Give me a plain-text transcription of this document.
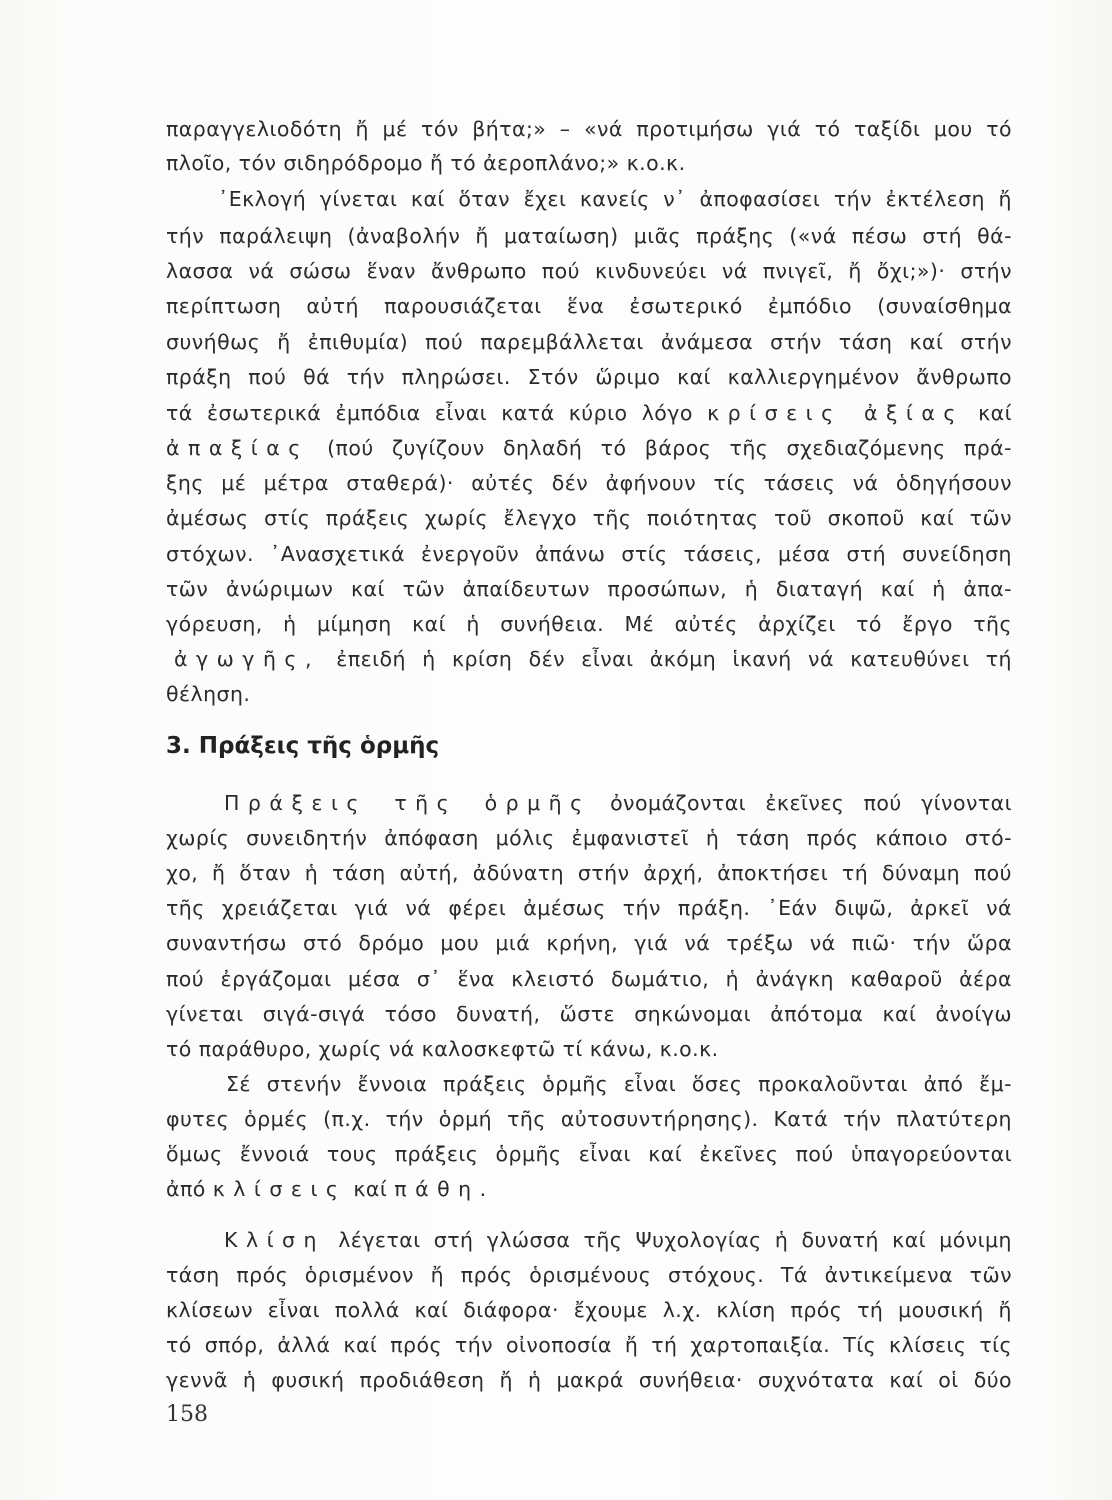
παραγγελιοδότη ἤ μέ τόν βήτα;» – «νά προτιμήσω γιά τό ταξίδι μου τό
πλοῖο, τόν σιδηρόδρομο ἤ τό ἀεροπλάνο;» κ.ο.κ.
᾿Εκλογή γίνεται καί ὅταν ἔχει κανείς ν᾿ ἀποφασίσει τήν ἐκτέλεση ἤ
τήν παράλειψη (ἀναβολήν ἤ ματαίωση) μιᾶς πράξης («νά πέσω στή θά-
λασσα νά σώσω ἕναν ἄνθρωπο πού κινδυνεύει νά πνιγεῖ, ἤ ὄχι;»)· στήν
περίπτωση αὐτή παρουσιάζεται ἕνα ἐσωτερικό ἐμπόδιο (συναίσθημα
συνήθως ἤ ἐπιθυμία) πού παρεμβάλλεται ἀνάμεσα στήν τάση καί στήν
πράξη πού θά τήν πληρώσει. Στόν ὥριμο καί καλλιεργημένον ἄνθρωπο
τά ἐσωτερικά ἐμπόδια εἶναι κατά κύριο λόγο κρίσεις ἀξίας καί
ἀπαξίας (πού ζυγίζουν δηλαδή τό βάρος τῆς σχεδιαζόμενης πρά-
ξης μέ μέτρα σταθερά)· αὐτές δέν ἀφήνουν τίς τάσεις νά ὁδηγήσουν
ἀμέσως στίς πράξεις χωρίς ἔλεγχο τῆς ποιότητας τοῦ σκοποῦ καί τῶν
στόχων. ᾿Ανασχετικά ἐνεργοῦν ἀπάνω στίς τάσεις, μέσα στή συνείδηση
τῶν ἀνώριμων καί τῶν ἀπαίδευτων προσώπων, ἡ διαταγή καί ἡ ἀπα-
γόρευση, ἡ μίμηση καί ἡ συνήθεια. Μέ αὐτές ἀρχίζει τό ἔργο τῆς
ἀγωγῆς, ἐπειδή ἡ κρίση δέν εἶναι ἀκόμη ἱκανή νά κατευθύνει τή
θέληση.
3. Πράξεις τῆς ὁρμῆς
Πράξεις τῆς ὁρμῆς ὀνομάζονται ἐκεῖνες πού γίνονται
χωρίς συνειδητήν ἀπόφαση μόλις ἐμφανιστεῖ ἡ τάση πρός κάποιο στό-
χο, ἤ ὅταν ἡ τάση αὐτή, ἀδύνατη στήν ἀρχή, ἀποκτήσει τή δύναμη πού
τῆς χρειάζεται γιά νά φέρει ἀμέσως τήν πράξη. ᾿Εάν διψῶ, ἀρκεῖ νά
συναντήσω στό δρόμο μου μιά κρήνη, γιά νά τρέξω νά πιῶ· τήν ὥρα
πού ἐργάζομαι μέσα σ᾿ ἕνα κλειστό δωμάτιο, ἡ ἀνάγκη καθαροῦ ἀέρα
γίνεται σιγά-σιγά τόσο δυνατή, ὥστε σηκώνομαι ἀπότομα καί ἀνοίγω
τό παράθυρο, χωρίς νά καλοσκεφτῶ τί κάνω, κ.ο.κ.
Σέ στενήν ἔννοια πράξεις ὁρμῆς εἶναι ὅσες προκαλοῦνται ἀπό ἔμ-
φυτες ὁρμές (π.χ. τήν ὁρμή τῆς αὐτοσυντήρησης). Κατά τήν πλατύτερη
ὅμως ἔννοιά τους πράξεις ὁρμῆς εἶναι καί ἐκεῖνες πού ὑπαγορεύονται
ἀπό κλίσεις καί πάθη.
Κλίση λέγεται στή γλώσσα τῆς Ψυχολογίας ἡ δυνατή καί μόνιμη
τάση πρός ὁρισμένον ἤ πρός ὁρισμένους στόχους. Τά ἀντικείμενα τῶν
κλίσεων εἶναι πολλά καί διάφορα· ἔχουμε λ.χ. κλίση πρός τή μουσική ἤ
τό σπόρ, ἀλλά καί πρός τήν οἰνοποσία ἤ τή χαρτοπαιξία. Τίς κλίσεις τίς
γεννᾶ ἡ φυσική προδιάθεση ἤ ἡ μακρά συνήθεια· συχνότατα καί οἱ δύο
158
